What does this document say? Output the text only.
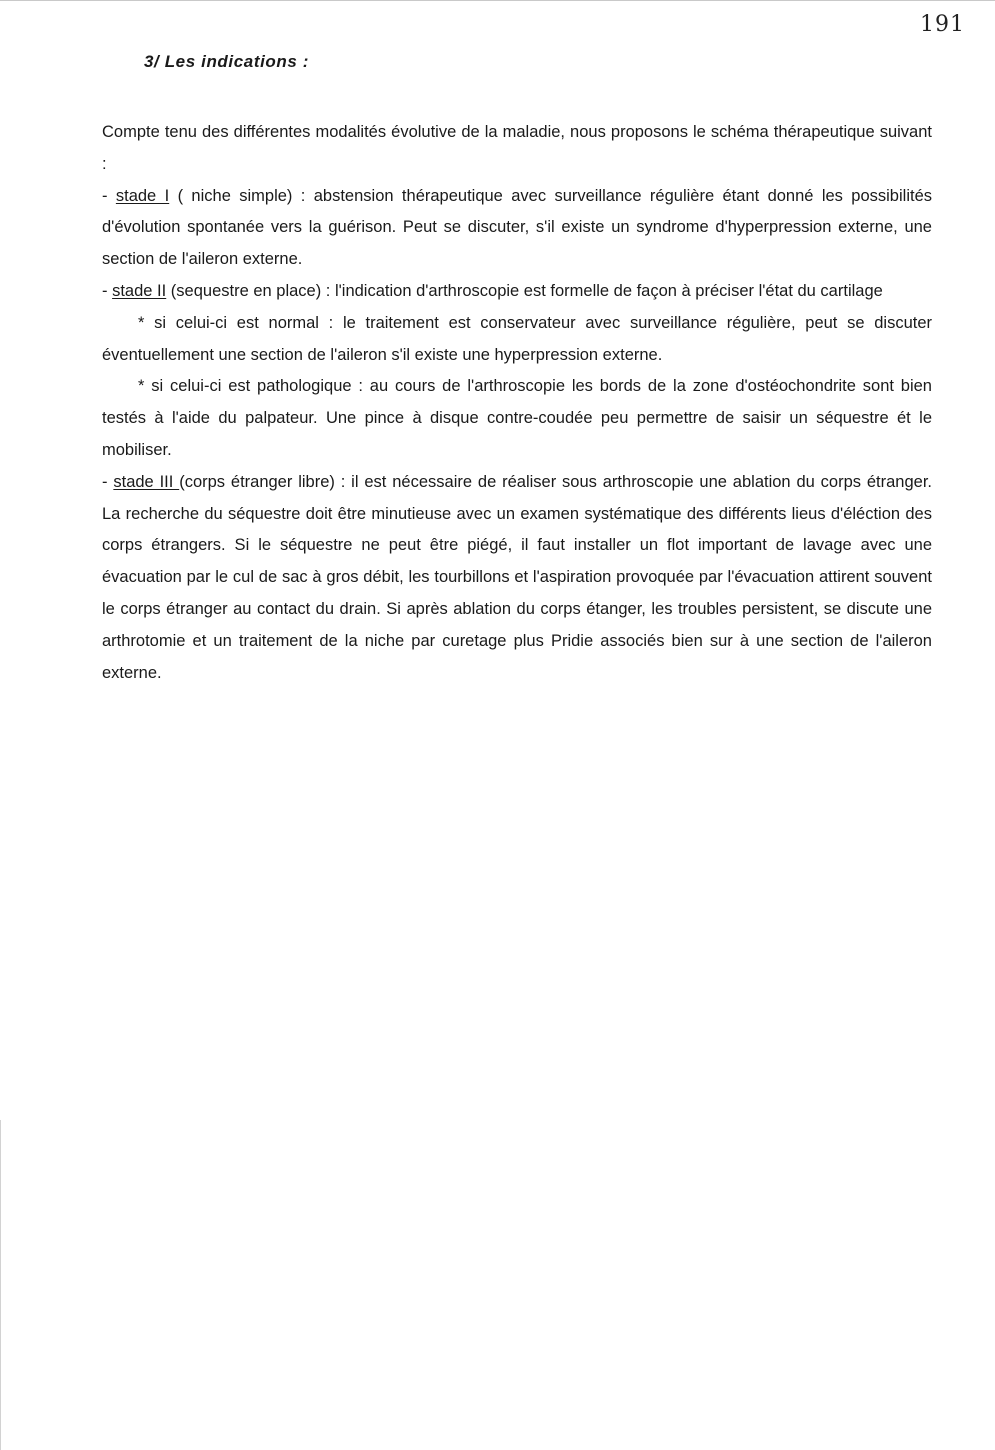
191
3/ Les indications :

Compte tenu des différentes modalités évolutive de la maladie, nous proposons le schéma thérapeutique suivant :

- stade I ( niche simple) : abstension thérapeutique avec surveillance régulière étant donné les possibilités d'évolution spontanée vers la guérison. Peut se discuter, s'il existe un syndrome d'hyperpression externe, une section de l'aileron externe.

- stade II (sequestre en place) : l'indication d'arthroscopie est formelle de façon à préciser l'état du cartilage

* si celui-ci est normal : le traitement est conservateur avec surveillance régulière, peut se discuter éventuellement une section de l'aileron s'il existe une hyperpression externe.

* si celui-ci est pathologique : au cours de l'arthroscopie les bords de la zone d'ostéochondrite sont bien testés à l'aide du palpateur. Une pince à disque contre-coudée peu permettre de saisir un séquestre ét le mobiliser.

- stade III (corps étranger libre) : il est nécessaire de réaliser sous arthroscopie une ablation du corps étranger. La recherche du séquestre doit être minutieuse avec un examen systématique des différents lieus d'éléction des corps étrangers. Si le séquestre ne peut être piégé, il faut installer un flot important de lavage avec une évacuation par le cul de sac à gros débit, les tourbillons et l'aspiration provoquée par l'évacuation attirent souvent le corps étranger au contact du drain. Si après ablation du corps étanger, les troubles persistent, se discute une arthrotomie et un traitement de la niche par curetage plus Pridie associés bien sur à une section de l'aileron externe.
